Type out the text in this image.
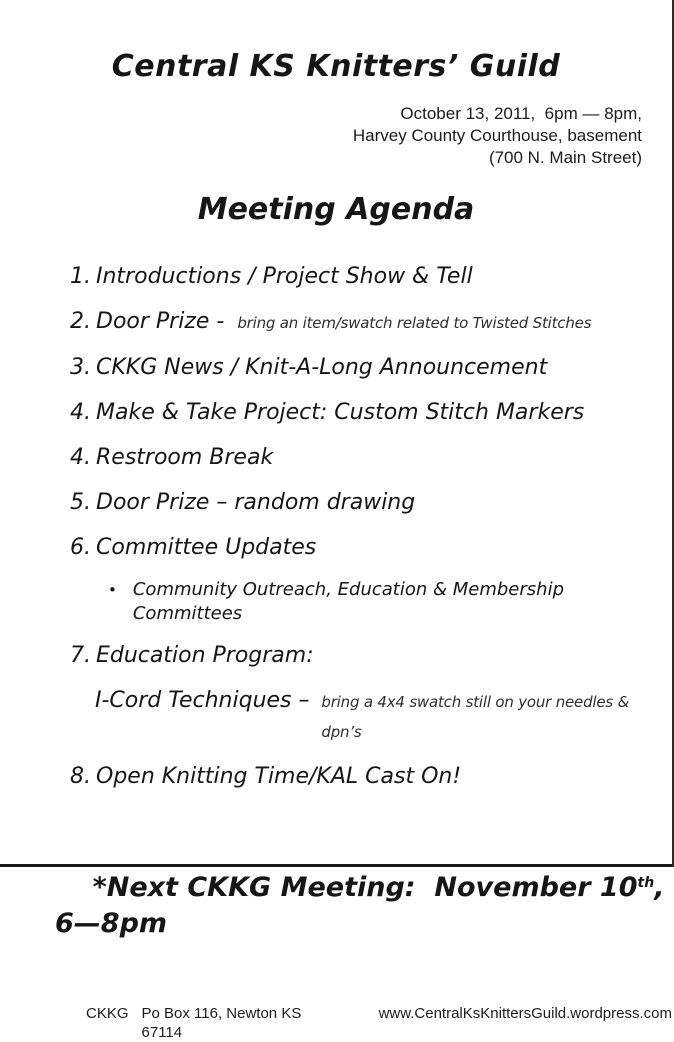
Central KS Knitters’ Guild
October 13, 2011,  6pm — 8pm,
Harvey County Courthouse, basement
(700 N. Main Street)
Meeting Agenda
1. Introductions / Project Show & Tell
2. Door Prize - bring an item/swatch related to Twisted Stitches
3. CKKG News / Knit-A-Long Announcement
4. Make & Take Project: Custom Stitch Markers
4. Restroom Break
5. Door Prize – random drawing
6. Committee Updates
• Community Outreach, Education & Membership Committees
7. Education Program:
I-Cord Techniques – bring a 4x4 swatch still on your needles & dpn’s
8. Open Knitting Time/KAL Cast On!

*Next CKKG Meeting:  November 10th, 6—8pm

CKKG Po Box 116, Newton KS 67114
www.CentralKsKnittersGuild.wordpress.com
